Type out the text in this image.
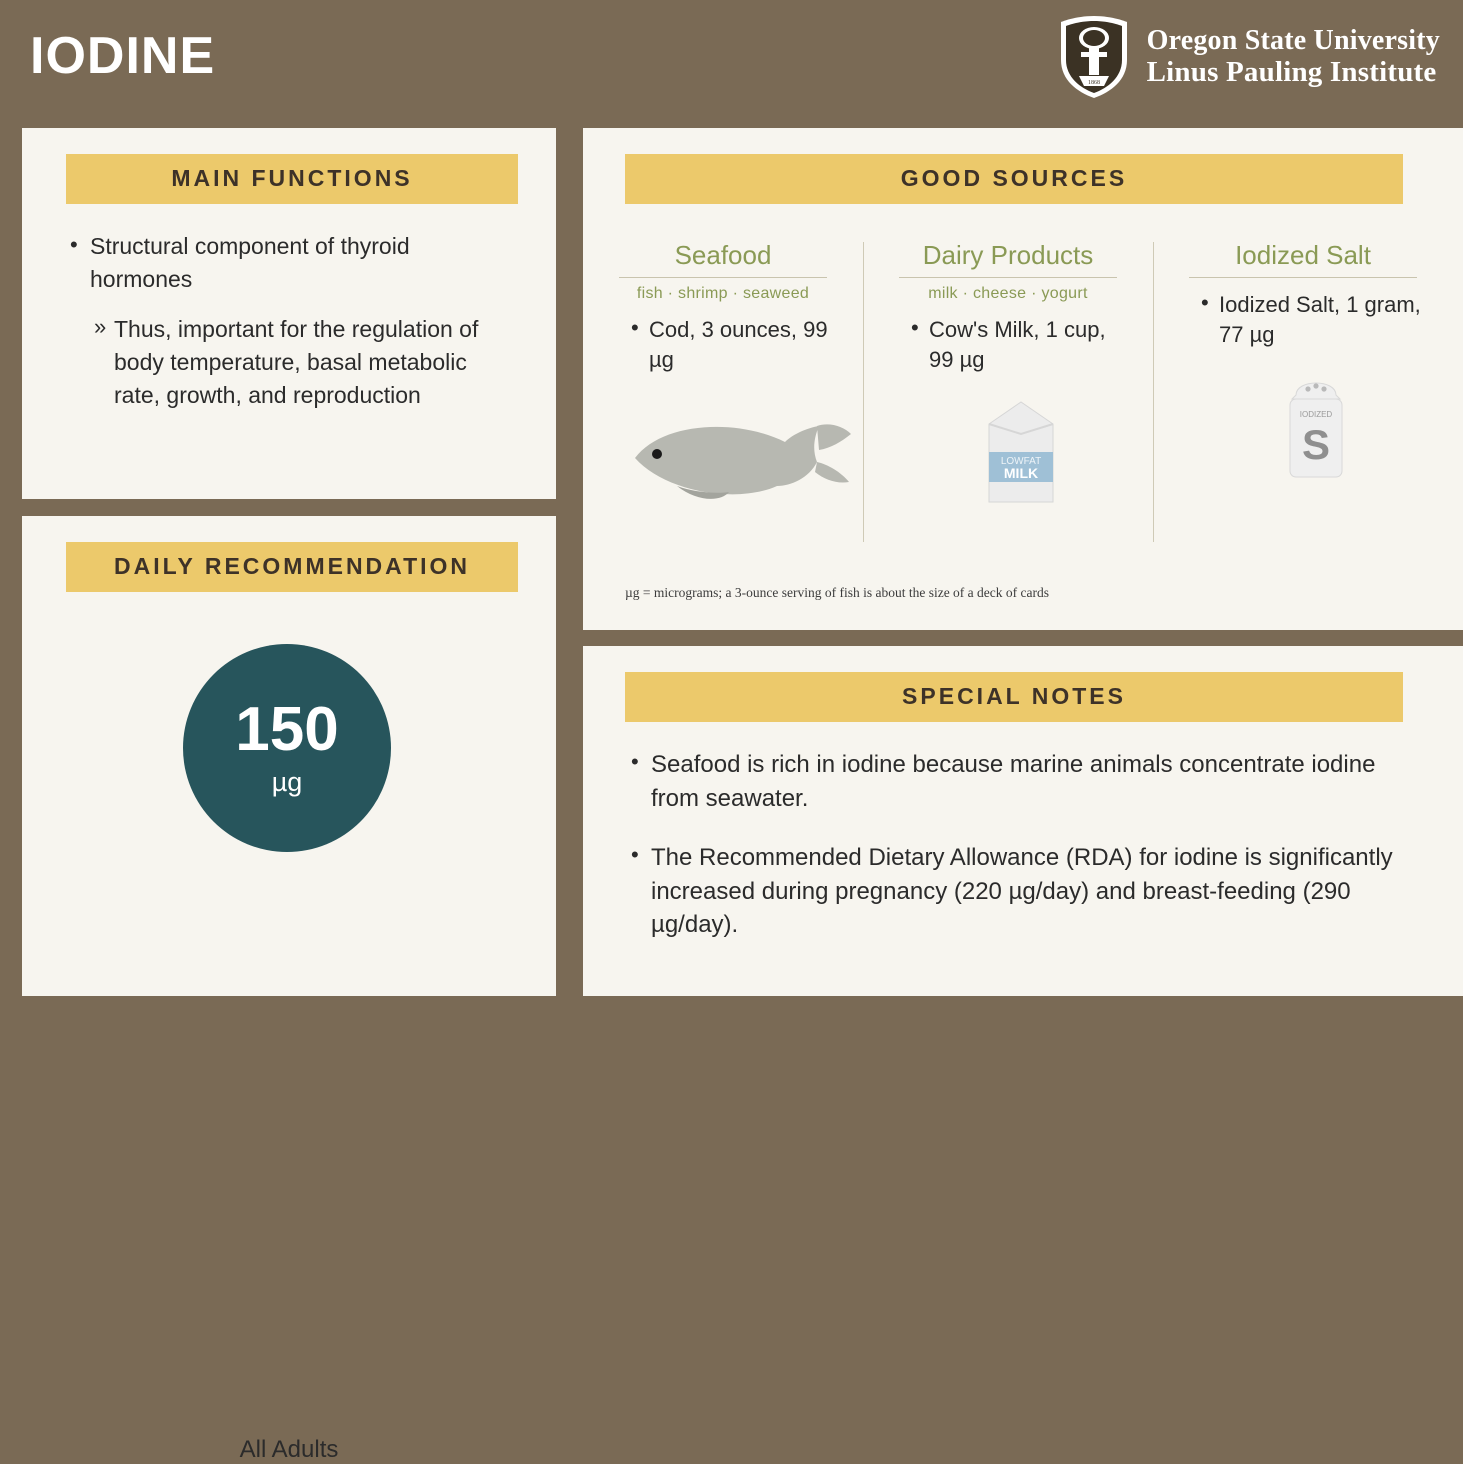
IODINE	1868
Oregon State University
Linus Pauling Institute
MAIN FUNCTIONS
• Structural component of thyroid hormones
» Thus, important for the regulation of body temperature, basal metabolic rate, growth, and reproduction
DAILY RECOMMENDATION
All Adults
150
µg
GOOD SOURCES
µg = micrograms; a 3-ounce serving of fish is about the size of a deck of cards
Seafood
fish · shrimp · seaweed
• Cod, 3 ounces, 99 µg
Dairy Products
milk · cheese · yogurt
• Cow's Milk, 1 cup, 99 µg
LOWFAT
MILK
Iodized Salt
• Iodized Salt, 1 gram, 77 µg
IODIZED
S
SPECIAL NOTES
• Seafood is rich in iodine because marine animals concentrate iodine from seawater.
• The Recommended Dietary Allowance (RDA) for iodine is significantly increased during pregnancy (220 µg/day) and breast-feeding (290 µg/day).
